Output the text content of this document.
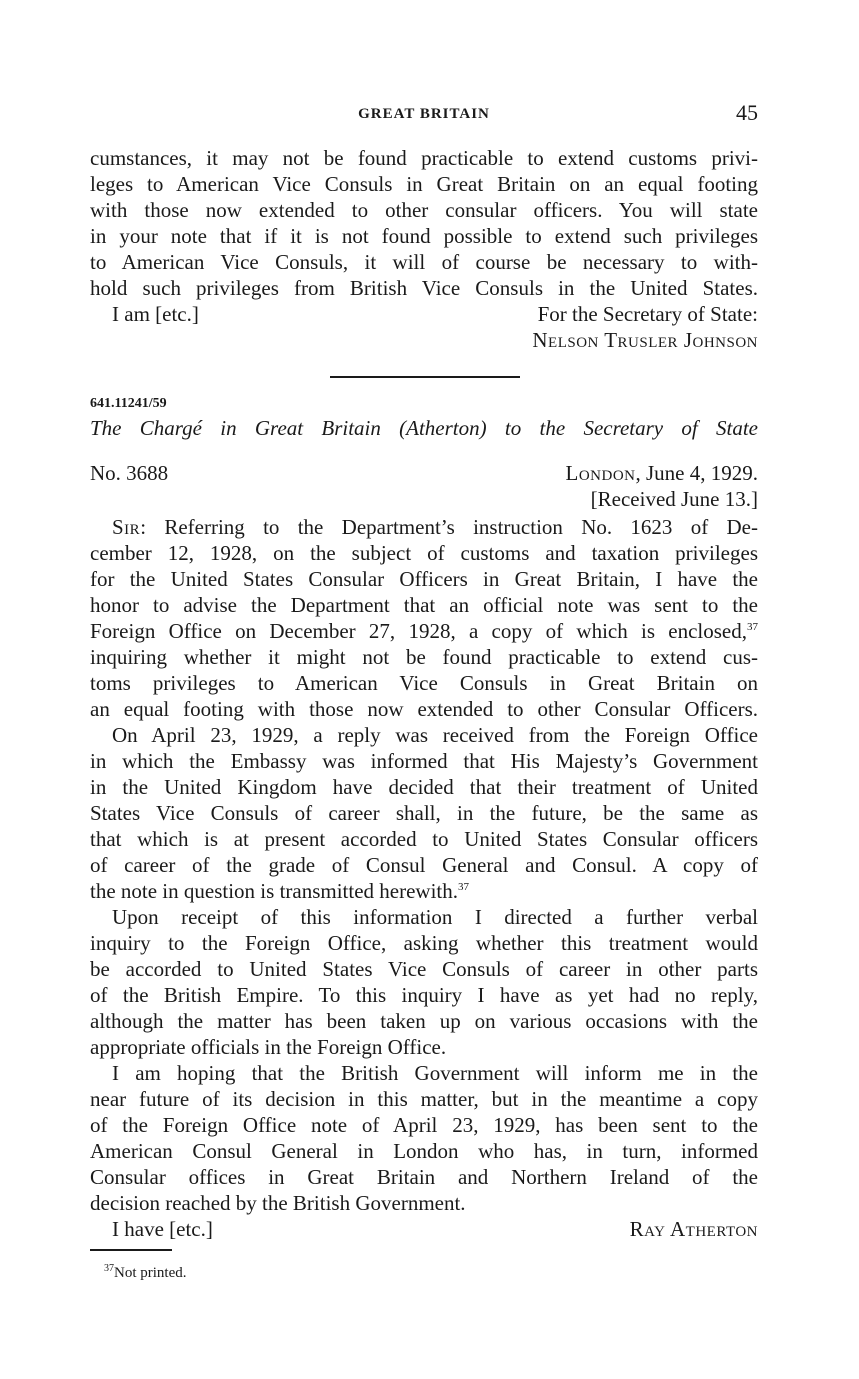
GREAT BRITAIN	45
cumstances, it may not be found practicable to extend customs privi-
leges to American Vice Consuls in Great Britain on an equal footing
with those now extended to other consular officers. You will state
in your note that if it is not found possible to extend such privileges
to American Vice Consuls, it will of course be necessary to with-
hold such privileges from British Vice Consuls in the United States.
I am [etc.]	For the Secretary of State:
Nelson Trusler Johnson
641.11241/59
The Chargé in Great Britain (Atherton) to the Secretary of State
No. 3688	London, June 4, 1929.
[Received June 13.]
Sir: Referring to the Department’s instruction No. 1623 of De-
cember 12, 1928, on the subject of customs and taxation privileges
for the United States Consular Officers in Great Britain, I have the
honor to advise the Department that an official note was sent to the
Foreign Office on December 27, 1928, a copy of which is enclosed,$^{37}$
inquiring whether it might not be found practicable to extend cus-
toms privileges to American Vice Consuls in Great Britain on
an equal footing with those now extended to other Consular Officers.
On April 23, 1929, a reply was received from the Foreign Office
in which the Embassy was informed that His Majesty’s Government
in the United Kingdom have decided that their treatment of United
States Vice Consuls of career shall, in the future, be the same as
that which is at present accorded to United States Consular officers
of career of the grade of Consul General and Consul. A copy of
the note in question is transmitted herewith.$^{37}$
Upon receipt of this information I directed a further verbal
inquiry to the Foreign Office, asking whether this treatment would
be accorded to United States Vice Consuls of career in other parts
of the British Empire. To this inquiry I have as yet had no reply,
although the matter has been taken up on various occasions with the
appropriate officials in the Foreign Office.
I am hoping that the British Government will inform me in the
near future of its decision in this matter, but in the meantime a copy
of the Foreign Office note of April 23, 1929, has been sent to the
American Consul General in London who has, in turn, informed
Consular offices in Great Britain and Northern Ireland of the
decision reached by the British Government.
I have [etc.]	Ray Atherton
$^{37}$Not printed.
